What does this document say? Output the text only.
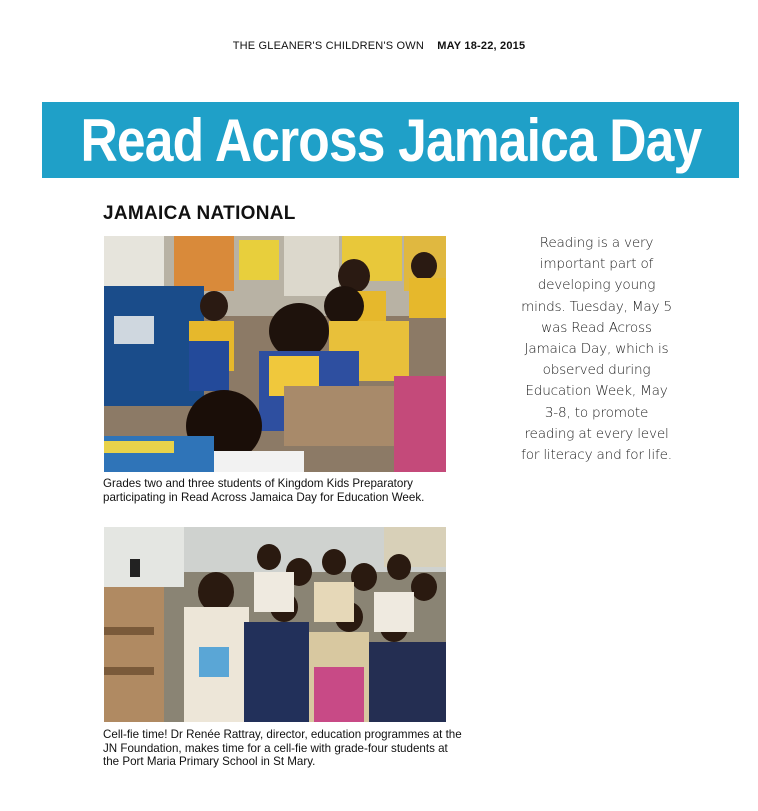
THE GLEANER'S CHILDREN'S OWN MAY 18-22, 2015
Read Across Jamaica Day
JAMAICA NATIONAL
Grades two and three students of Kingdom Kids Preparatory participating in Read Across Jamaica Day for Education Week.
Cell-fie time! Dr Renée Rattray, director, education programmes at the JN Foundation, makes time for a cell-fie with grade-four students at the Port Maria Primary School in St Mary.
Reading is a very
important part of
developing young
minds. Tuesday, May 5
was Read Across
Jamaica Day, which is
observed during
Education Week, May
3-8, to promote
reading at every level
for literacy and for life.
